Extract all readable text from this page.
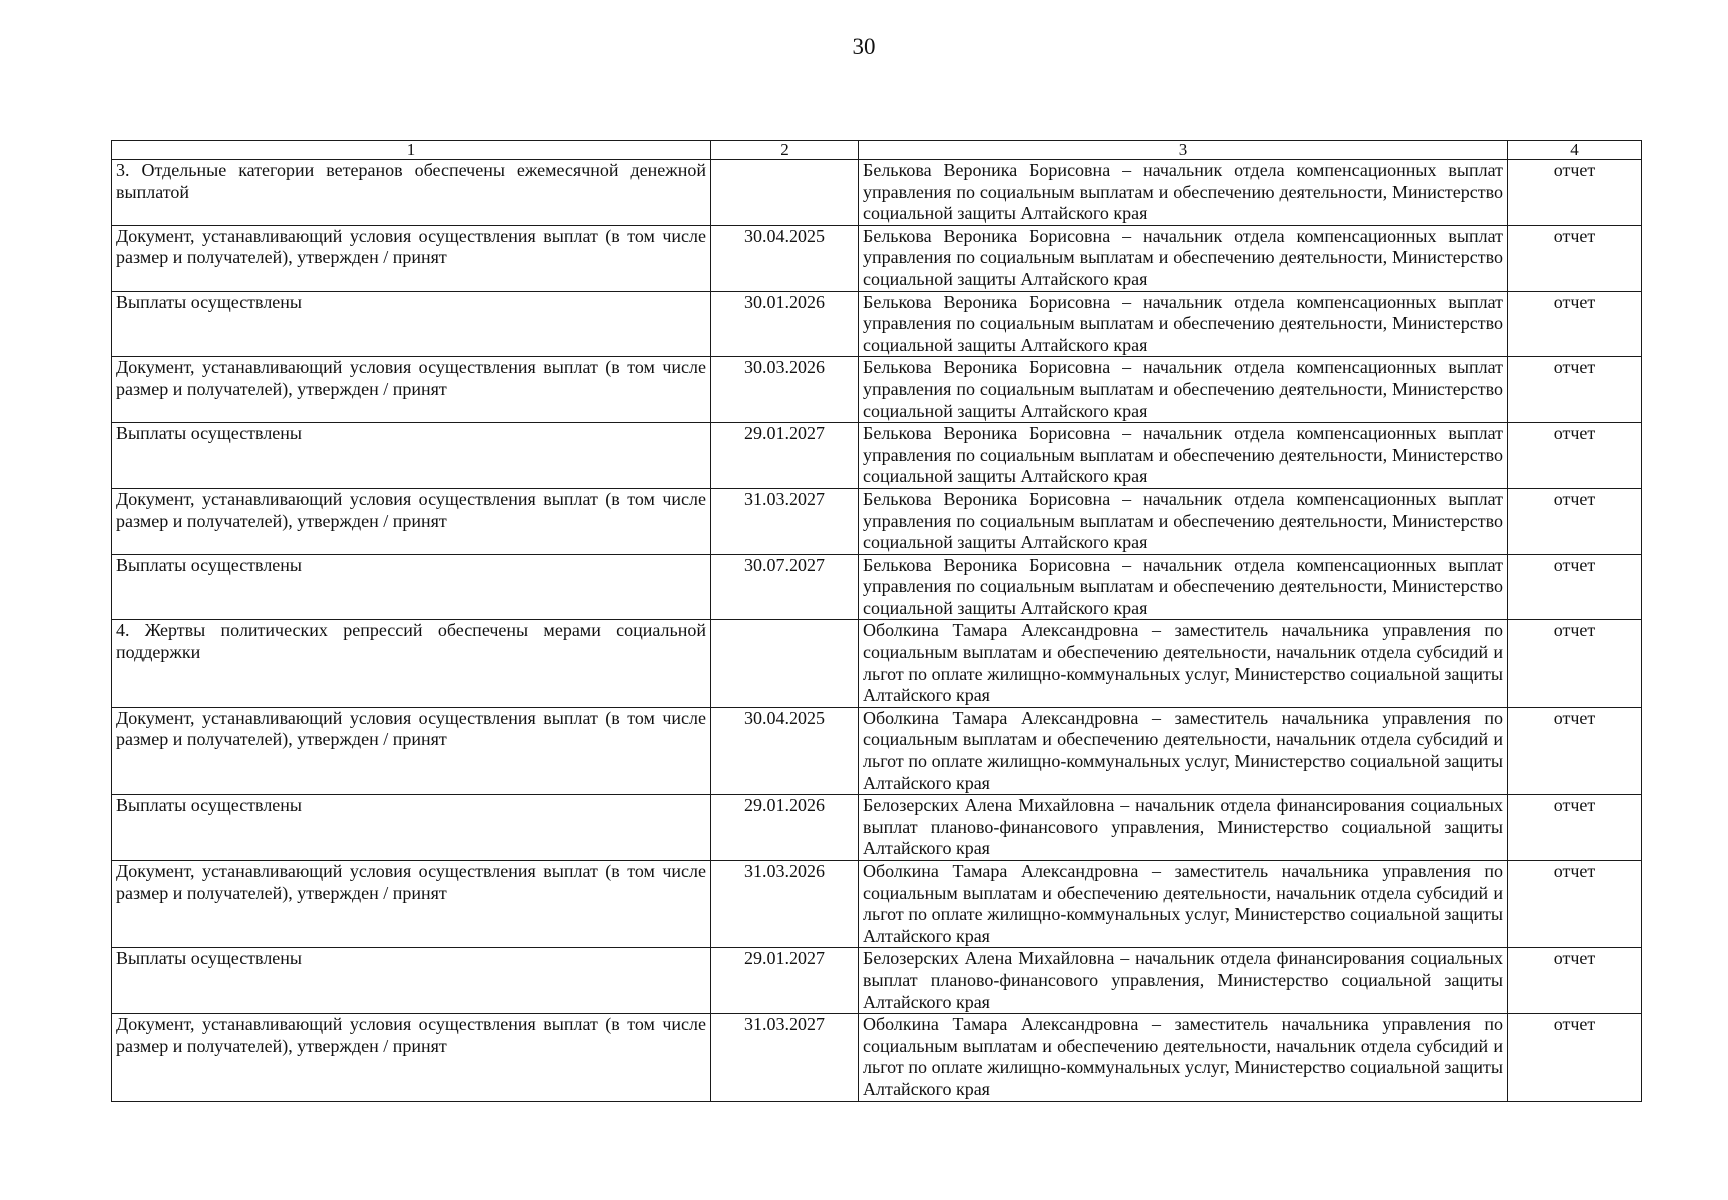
30
1	2	3	4
3. Отдельные категории ветеранов обеспечены ежемесячной денежной выплатой		Белькова Вероника Борисовна – начальник отдела компенсационных выплат управления по социальным выплатам и обеспечению деятельности, Министерство социальной защиты Алтайского края	отчет
Документ, устанавливающий условия осуществления выплат (в том числе размер и получателей), утвержден / принят	30.04.2025	Белькова Вероника Борисовна – начальник отдела компенсационных выплат управления по социальным выплатам и обеспечению деятельности, Министерство социальной защиты Алтайского края	отчет
Выплаты осуществлены	30.01.2026	Белькова Вероника Борисовна – начальник отдела компенсационных выплат управления по социальным выплатам и обеспечению деятельности, Министерство социальной защиты Алтайского края	отчет
Документ, устанавливающий условия осуществления выплат (в том числе размер и получателей), утвержден / принят	30.03.2026	Белькова Вероника Борисовна – начальник отдела компенсационных выплат управления по социальным выплатам и обеспечению деятельности, Министерство социальной защиты Алтайского края	отчет
Выплаты осуществлены	29.01.2027	Белькова Вероника Борисовна – начальник отдела компенсационных выплат управления по социальным выплатам и обеспечению деятельности, Министерство социальной защиты Алтайского края	отчет
Документ, устанавливающий условия осуществления выплат (в том числе размер и получателей), утвержден / принят	31.03.2027	Белькова Вероника Борисовна – начальник отдела компенсационных выплат управления по социальным выплатам и обеспечению деятельности, Министерство социальной защиты Алтайского края	отчет
Выплаты осуществлены	30.07.2027	Белькова Вероника Борисовна – начальник отдела компенсационных выплат управления по социальным выплатам и обеспечению деятельности, Министерство социальной защиты Алтайского края	отчет
4. Жертвы политических репрессий обеспечены мерами социальной поддержки		Оболкина Тамара Александровна – заместитель начальника управления по социальным выплатам и обеспечению деятельности, начальник отдела субсидий и льгот по оплате жилищно-коммунальных услуг, Министерство социальной защиты Алтайского края	отчет
Документ, устанавливающий условия осуществления выплат (в том числе размер и получателей), утвержден / принят	30.04.2025	Оболкина Тамара Александровна – заместитель начальника управления по социальным выплатам и обеспечению деятельности, начальник отдела субсидий и льгот по оплате жилищно-коммунальных услуг, Министерство социальной защиты Алтайского края	отчет
Выплаты осуществлены	29.01.2026	Белозерских Алена Михайловна – начальник отдела финансирования социальных выплат планово-финансового управления, Министерство социальной защиты Алтайского края	отчет
Документ, устанавливающий условия осуществления выплат (в том числе размер и получателей), утвержден / принят	31.03.2026	Оболкина Тамара Александровна – заместитель начальника управления по социальным выплатам и обеспечению деятельности, начальник отдела субсидий и льгот по оплате жилищно-коммунальных услуг, Министерство социальной защиты Алтайского края	отчет
Выплаты осуществлены	29.01.2027	Белозерских Алена Михайловна – начальник отдела финансирования социальных выплат планово-финансового управления, Министерство социальной защиты Алтайского края	отчет
Документ, устанавливающий условия осуществления выплат (в том числе размер и получателей), утвержден / принят	31.03.2027	Оболкина Тамара Александровна – заместитель начальника управления по социальным выплатам и обеспечению деятельности, начальник отдела субсидий и льгот по оплате жилищно-коммунальных услуг, Министерство социальной защиты Алтайского края	отчет
